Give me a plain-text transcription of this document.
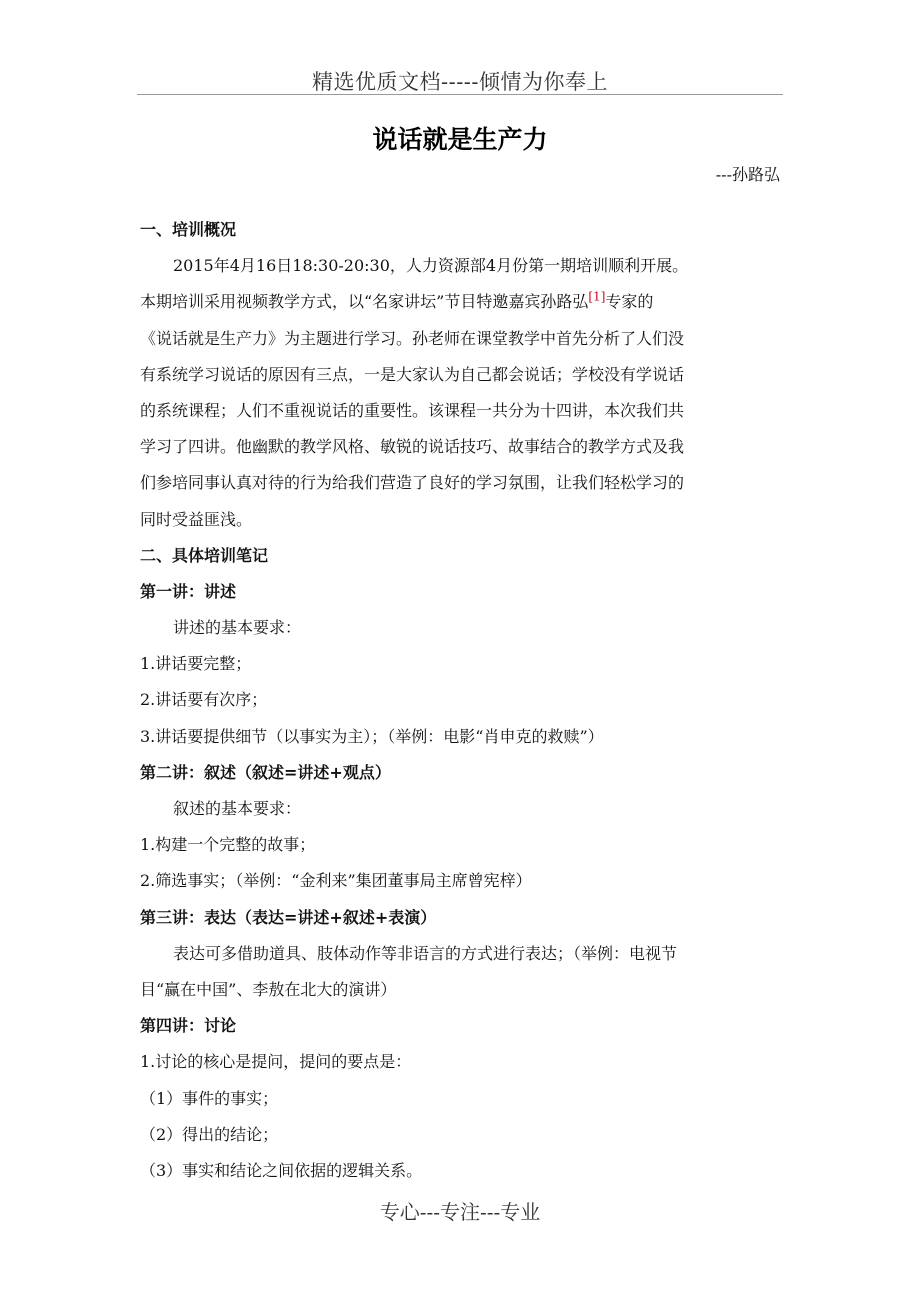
精选优质文档-----倾情为你奉上
说话就是生产力
---孙路弘
一、培训概况
2015年4月16日18:30-20:30，人力资源部4月份第一期培训顺利开展。
本期培训采用视频教学方式，以“名家讲坛”节目特邀嘉宾孙路弘[1]专家的
《说话就是生产力》为主题进行学习。孙老师在课堂教学中首先分析了人们没
有系统学习说话的原因有三点，一是大家认为自己都会说话；学校没有学说话
的系统课程；人们不重视说话的重要性。该课程一共分为十四讲，本次我们共
学习了四讲。他幽默的教学风格、敏锐的说话技巧、故事结合的教学方式及我
们参培同事认真对待的行为给我们营造了良好的学习氛围，让我们轻松学习的
同时受益匪浅。
二、具体培训笔记
第一讲：讲述
讲述的基本要求：
1.讲话要完整；
2.讲话要有次序；
3.讲话要提供细节（以事实为主）；（举例：电影“肖申克的救赎”）
第二讲：叙述（叙述=讲述+观点）
叙述的基本要求：
1.构建一个完整的故事；
2.筛选事实；（举例：“金利来”集团董事局主席曾宪梓）
第三讲：表达（表达=讲述+叙述+表演）
表达可多借助道具、肢体动作等非语言的方式进行表达；（举例：电视节
目“赢在中国”、李敖在北大的演讲）
第四讲：讨论
1.讨论的核心是提问，提问的要点是：
（1）事件的事实；
（2）得出的结论；
（3）事实和结论之间依据的逻辑关系。
专心---专注---专业
